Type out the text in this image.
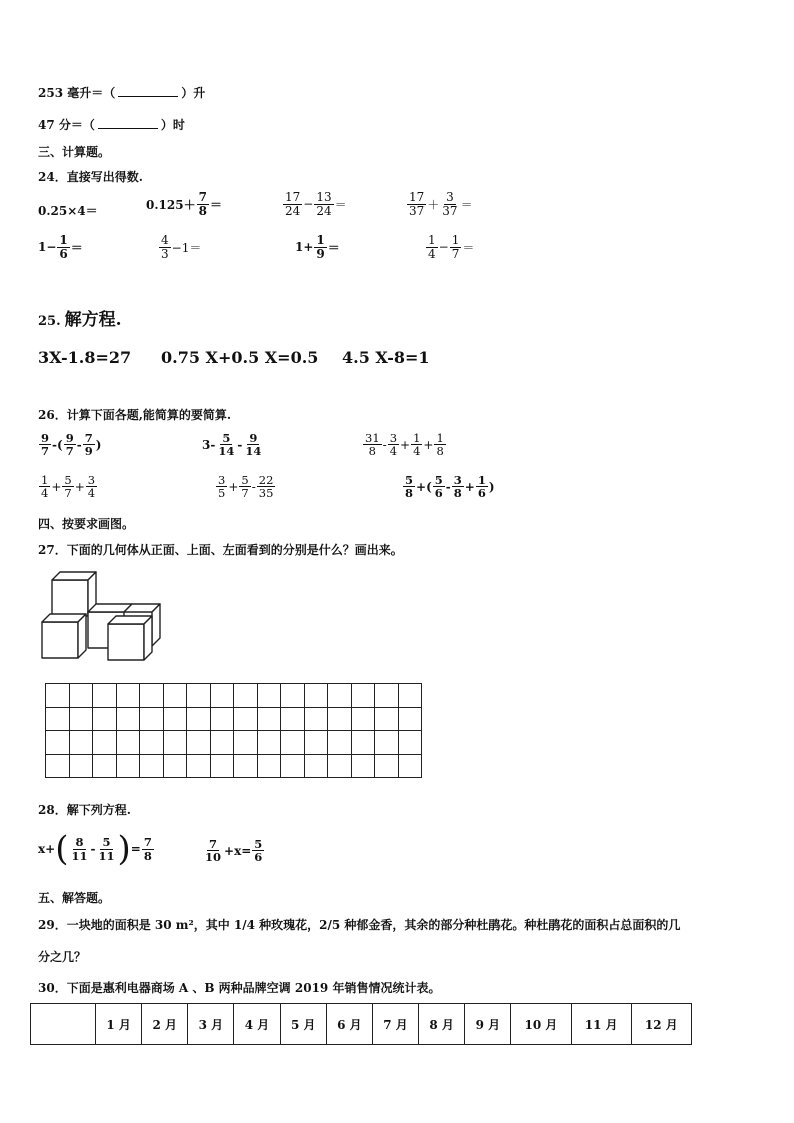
253 毫升＝（	）升
47 分＝（	）时
三、计算题。
24．直接写出得数.
0.25×4＝	$0.125+ \frac{7}{8}$ ＝	$\frac{17}{24} - \frac{13}{24}$ ＝	$\frac{17}{37} + \frac{3}{37}$ ＝
$1- \frac{1}{6}$ ＝	$\frac{4}{3} -1=$	$1+ \frac{1}{9}$ ＝	$\frac{1}{4} - \frac{1}{7}$ ＝
25. 解方程.
3X-1.8=27 0.75 X+0.5 X=0.5 4.5 X-8=1
26．计算下面各题,能简算的要简算.
$\frac{9}{7}$ -( $\frac{9}{7} - \frac{7}{9}$ )	$3- \frac{5}{14} - \frac{9}{14}$	$\frac{31}{8} - \frac{3}{4} + \frac{1}{4} + \frac{1}{8}$
$\frac{1}{4} + \frac{5}{7} + \frac{3}{4}$	$\frac{3}{5} + \frac{5}{7} - \frac{22}{35}$	$\frac{5}{8}$ +( $\frac{5}{6} - \frac{3}{8} + \frac{1}{6}$ )
四、按要求画图。
27．下面的几何体从正面、上面、左面看到的分别是什么？画出来。

28．解下列方程.
x+ ( $\frac{8}{11} - \frac{5}{11}$ ) = $\frac{7}{8}$	$\frac{7}{10} +x= \frac{5}{6}$
五、解答题。
29．一块地的面积是 30 m²，其中 1/4 种玫瑰花，2/5 种郁金香，其余的部分种杜鹃花。种杜鹃花的面积占总面积的几
分之几？
30．下面是惠利电器商场 A 、B 两种品牌空调 2019 年销售情况统计表。
	1 月	2 月	3 月	4 月	5 月	6 月	7 月	8 月	9 月	10 月	11 月	12 月
